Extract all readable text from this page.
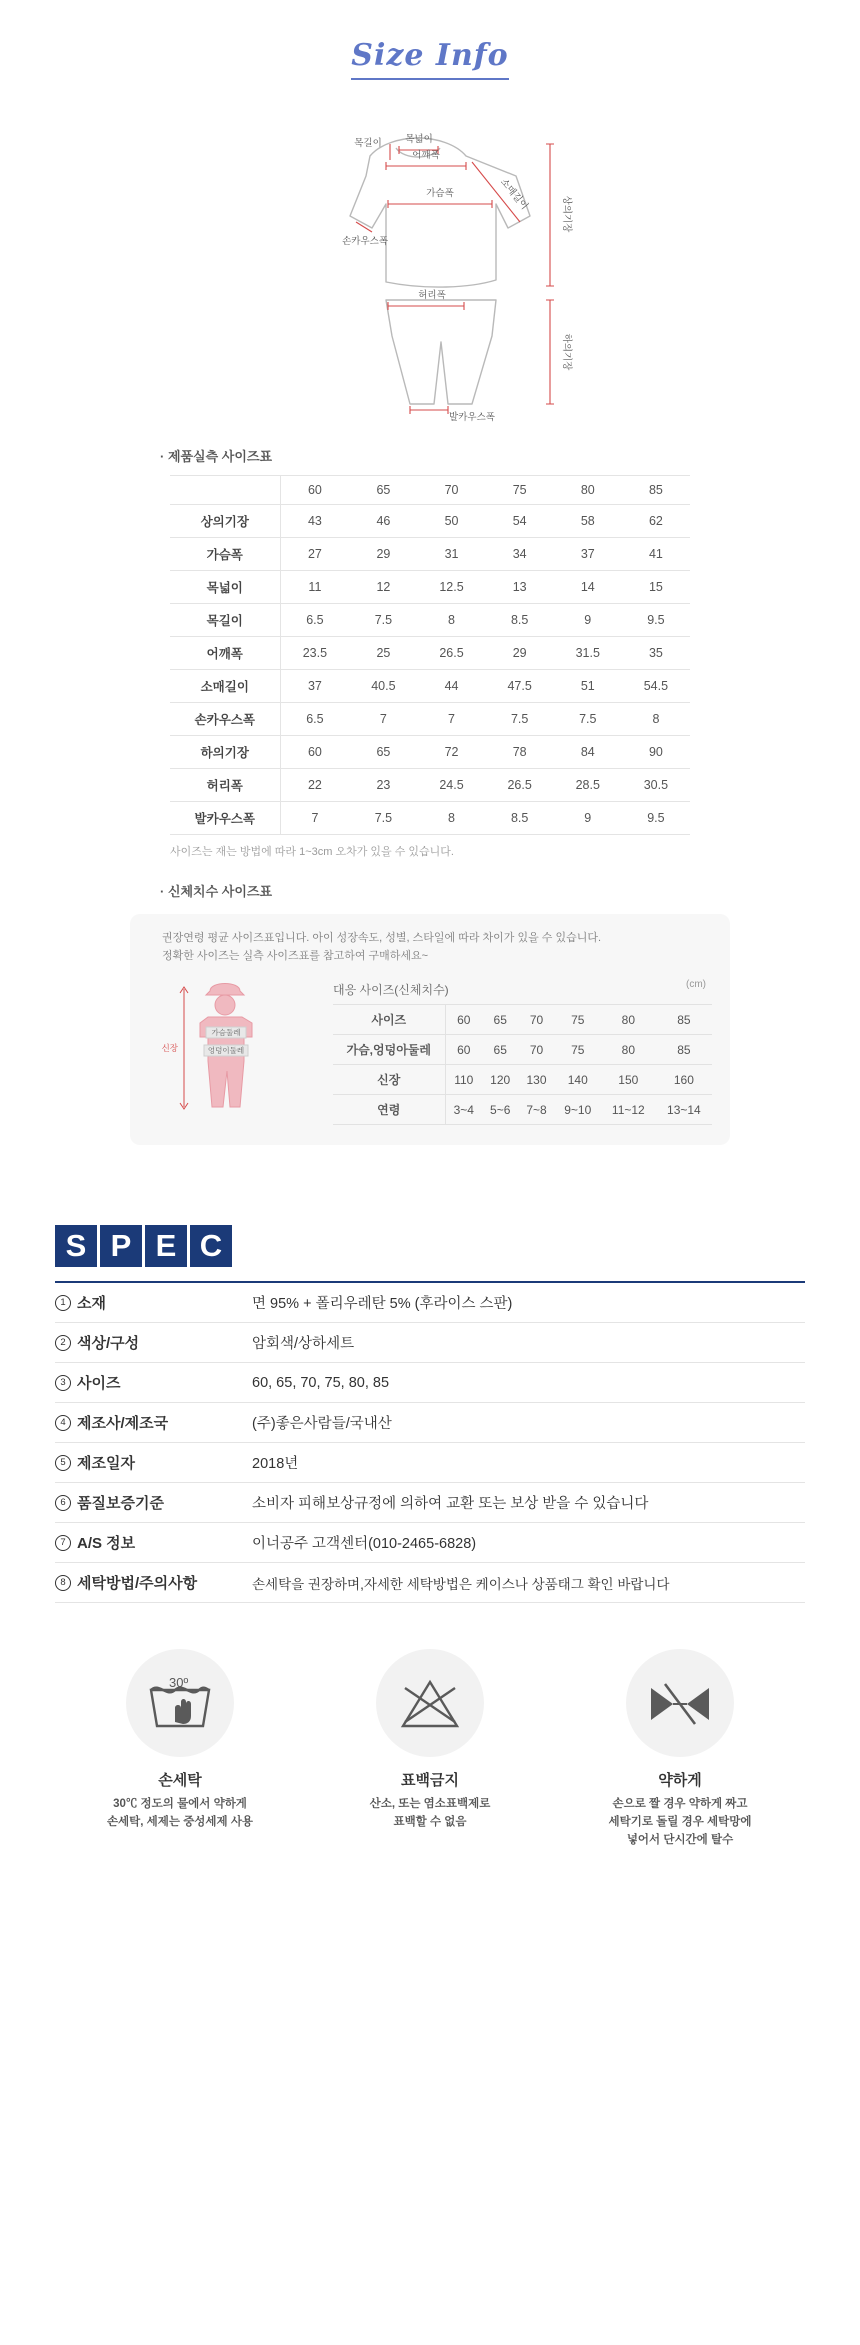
Size Info
어깨폭
목넓이
목길이
가슴폭
손카우스폭
허리폭
발카우스폭
소매길이
상의기장
하의기장
· 제품실측 사이즈표
	60	65	70	75	80	85
상의기장	43	46	50	54	58	62
가슴폭	27	29	31	34	37	41
목넓이	11	12	12.5	13	14	15
목길이	6.5	7.5	8	8.5	9	9.5
어깨폭	23.5	25	26.5	29	31.5	35
소매길이	37	40.5	44	47.5	51	54.5
손카우스폭	6.5	7	7	7.5	7.5	8
하의기장	60	65	72	78	84	90
허리폭	22	23	24.5	26.5	28.5	30.5
발카우스폭	7	7.5	8	8.5	9	9.5
사이즈는 재는 방법에 따라 1~3cm 오차가 있을 수 있습니다.
· 신체치수 사이즈표
권장연령 평균 사이즈표입니다. 아이 성장속도, 성별, 스타일에 따라 차이가 있을 수 있습니다.
정확한 사이즈는 실측 사이즈표를 참고하여 구매하세요~
신장
가슴둘레
엉덩이둘레
대응 사이즈(신체치수)	(cm)
사이즈	60	65	70	75	80	85
가슴,엉덩아둘레	60	65	70	75	80	85
신장	110	120	130	140	150	160
연령	3~4	5~6	7~8	9~10	11~12	13~14
S P E C
1 소재	면 95% + 폴리우레탄 5% (후라이스 스판)
2 색상/구성	암회색/상하세트
3 사이즈	60, 65, 70, 75, 80, 85
4 제조사/제조국	(주)좋은사람들/국내산
5 제조일자	2018년
6 품질보증기준	소비자 피해보상규정에 의하여 교환 또는 보상 받을 수 있습니다
7 A/S 정보	이너공주 고객센터(010-2465-6828)
8 세탁방법/주의사항	손세탁을 권장하며,자세한 세탁방법은 케이스나 상품태그 확인 바랍니다
30º
손세탁
30℃ 정도의 물에서 약하게
손세탁, 세제는 중성세제 사용
표백금지
산소, 또는 염소표백제로
표백할 수 없음
약하게
손으로 짤 경우 약하게 짜고
세탁기로 돌릴 경우 세탁망에
넣어서 단시간에 탈수
